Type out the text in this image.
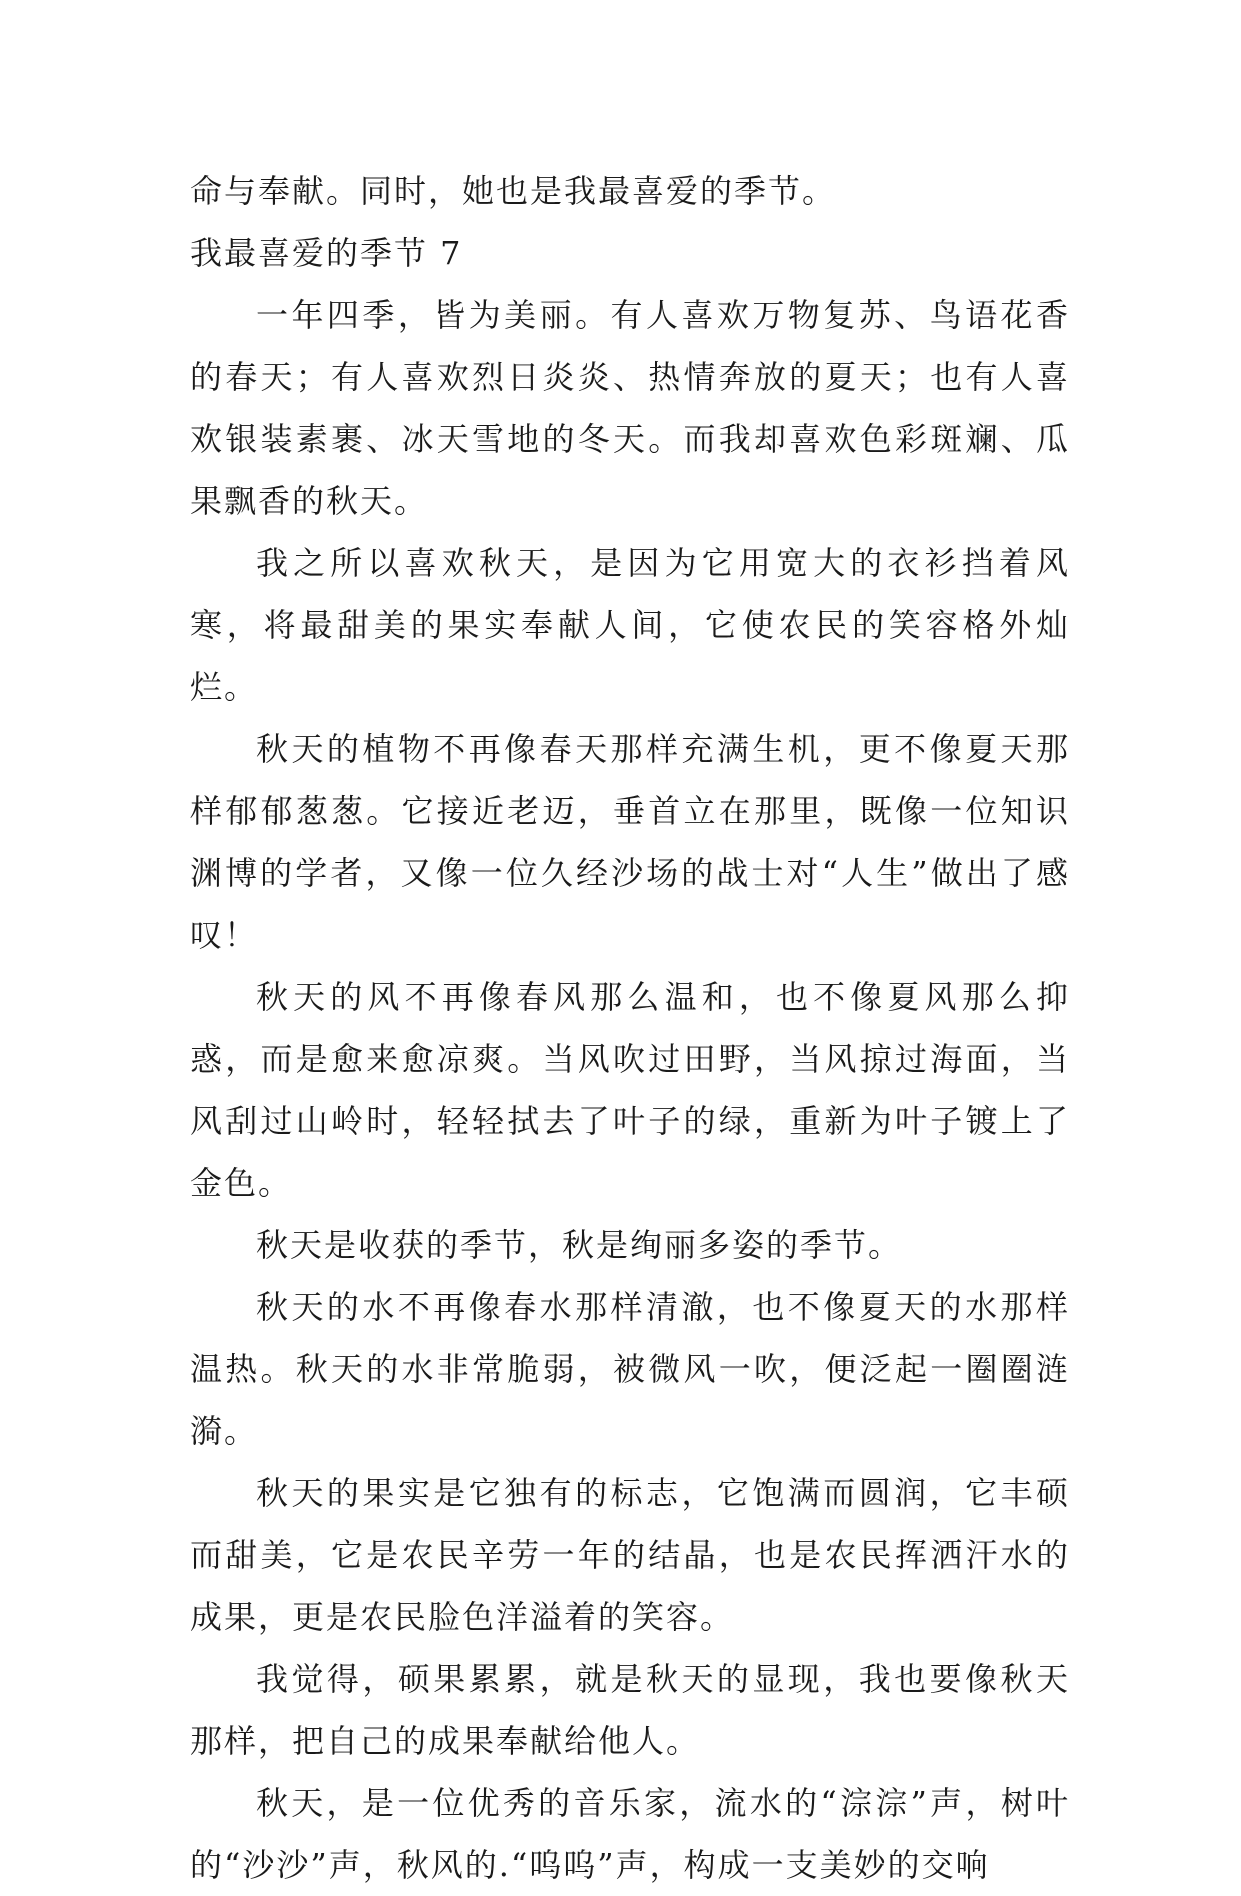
命与奉献。同时，她也是我最喜爱的季节。

我最喜爱的季节 7

一年四季，皆为美丽。有人喜欢万物复苏、鸟语花香的春天；有人喜欢烈日炎炎、热情奔放的夏天；也有人喜欢银装素裹、冰天雪地的冬天。而我却喜欢色彩斑斓、瓜果飘香的秋天。

我之所以喜欢秋天，是因为它用宽大的衣衫挡着风寒，将最甜美的果实奉献人间，它使农民的笑容格外灿烂。

秋天的植物不再像春天那样充满生机，更不像夏天那样郁郁葱葱。它接近老迈，垂首立在那里，既像一位知识渊博的学者，又像一位久经沙场的战士对“人生”做出了感叹！

秋天的风不再像春风那么温和，也不像夏风那么抑惑，而是愈来愈凉爽。当风吹过田野，当风掠过海面，当风刮过山岭时，轻轻拭去了叶子的绿，重新为叶子镀上了金色。

秋天是收获的季节，秋是绚丽多姿的季节。

秋天的水不再像春水那样清澈，也不像夏天的水那样温热。秋天的水非常脆弱，被微风一吹，便泛起一圈圈涟漪。

秋天的果实是它独有的标志，它饱满而圆润，它丰硕而甜美，它是农民辛劳一年的结晶，也是农民挥洒汗水的成果，更是农民脸色洋溢着的笑容。

我觉得，硕果累累，就是秋天的显现，我也要像秋天那样，把自己的成果奉献给他人。

秋天，是一位优秀的音乐家，流水的“淙淙”声，树叶的“沙沙”声，秋风的.“呜呜”声，构成一支美妙的交响
